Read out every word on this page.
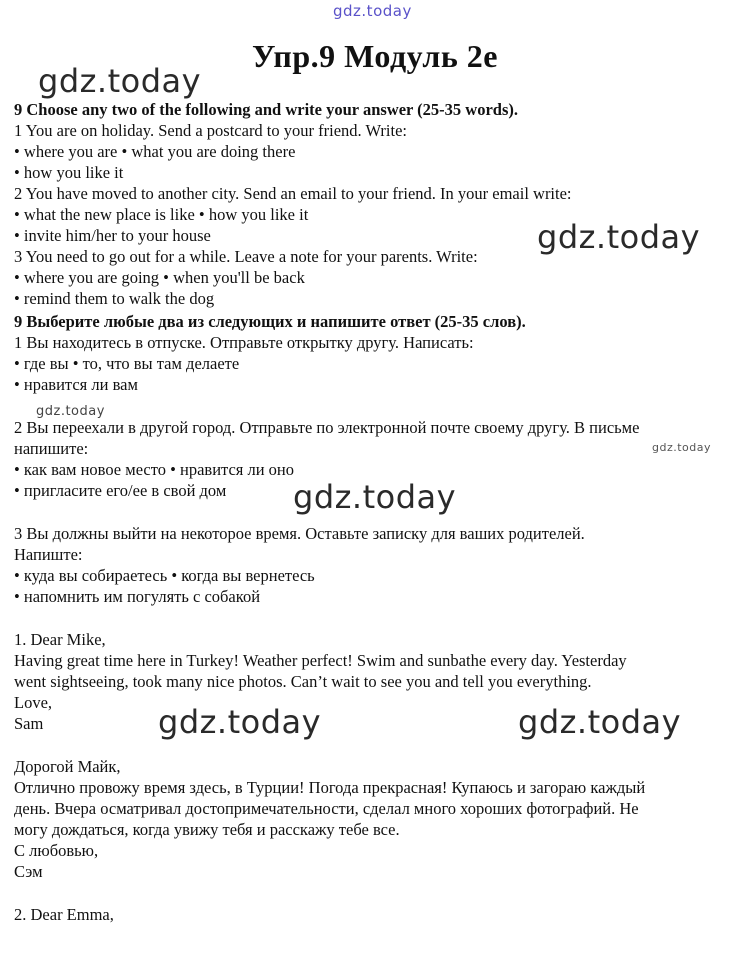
gdz.today
gdz.today
gdz.today
gdz.today
gdz.today
gdz.today
gdz.today	gdz.today
Упр.9 Модуль 2е
9 Choose any two of the following and write your answer (25-35 words).
1 You are on holiday. Send a postcard to your friend. Write:
• where you are • what you are doing there
• how you like it
2 You have moved to another city. Send an email to your friend. In your email write:
• what the new place is like • how you like it
• invite him/her to your house
3 You need to go out for a while. Leave a note for your parents. Write:
• where you are going • when you'll be back
• remind them to walk the dog
9 Выберите любые два из следующих и напишите ответ (25-35 слов).
1 Вы находитесь в отпуске. Отправьте открытку другу. Написать:
• где вы • то, что вы там делаете
• нравится ли вам
2 Вы переехали в другой город. Отправьте по электронной почте своему другу. В письме
напишите:
• как вам новое место • нравится ли оно
• пригласите его/ее в свой дом
3 Вы должны выйти на некоторое время. Оставьте записку для ваших родителей.
Напиште:
• куда вы собираетесь • когда вы вернетесь
• напомнить им погулять с собакой
1. Dear Mike,
Having great time here in Turkey! Weather perfect! Swim and sunbathe every day. Yesterday
went sightseeing, took many nice photos. Can’t wait to see you and tell you everything.
Love,
Sam
Дорогой Майк,
Отлично провожу время здесь, в Турции! Погода прекрасная! Купаюсь и загораю каждый
день. Вчера осматривал достопримечательности, сделал много хороших фотографий. Не
могу дождаться, когда увижу тебя и расскажу тебе все.
С любовью,
Сэм
2. Dear Emma,
